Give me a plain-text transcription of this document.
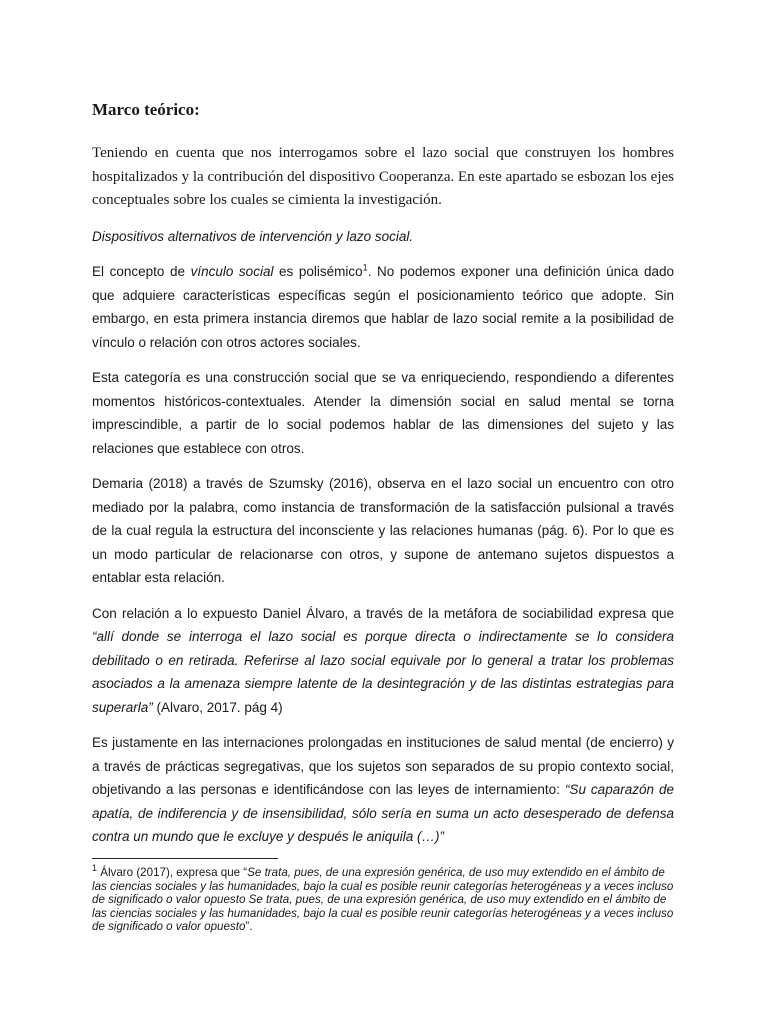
Marco teórico:

Teniendo en cuenta que nos interrogamos sobre el lazo social que construyen los hombres hospitalizados y la contribución del dispositivo Cooperanza. En este apartado se esbozan los ejes conceptuales sobre los cuales se cimienta la investigación.

Dispositivos alternativos de intervención y lazo social.

El concepto de vínculo social es polisémico$^1$. No podemos exponer una definición única dado que adquiere características específicas según el posicionamiento teórico que adopte. Sin embargo, en esta primera instancia diremos que hablar de lazo social remite a la posibilidad de vínculo o relación con otros actores sociales.

Esta categoría es una construcción social que se va enriqueciendo, respondiendo a diferentes momentos históricos-contextuales. Atender la dimensión social en salud mental se torna imprescindible, a partir de lo social podemos hablar de las dimensiones del sujeto y las relaciones que establece con otros.

Demaria (2018) a través de Szumsky (2016), observa en el lazo social un encuentro con otro mediado por la palabra, como instancia de transformación de la satisfacción pulsional a través de la cual regula la estructura del inconsciente y las relaciones humanas (pág. 6). Por lo que es un modo particular de relacionarse con otros, y supone de antemano sujetos dispuestos a entablar esta relación.

Con relación a lo expuesto Daniel Álvaro, a través de la metáfora de sociabilidad expresa que “allí donde se interroga el lazo social es porque directa o indirectamente se lo considera debilitado o en retirada. Referirse al lazo social equivale por lo general a tratar los problemas asociados a la amenaza siempre latente de la desintegración y de las distintas estrategias para superarla” (Alvaro, 2017. pág 4)

Es justamente en las internaciones prolongadas en instituciones de salud mental (de encierro) y a través de prácticas segregativas, que los sujetos son separados de su propio contexto social, objetivando a las personas e identificándose con las leyes de internamiento: “Su caparazón de apatía, de indiferencia y de insensibilidad, sólo sería en suma un acto desesperado de defensa contra un mundo que le excluye y después le aniquila (…)”

$^1$ Álvaro (2017), expresa que “Se trata, pues, de una expresión genérica, de uso muy extendido en el ámbito de las ciencias sociales y las humanidades, bajo la cual es posible reunir categorías heterogéneas y a veces incluso de significado o valor opuesto Se trata, pues, de una expresión genérica, de uso muy extendido en el ámbito de las ciencias sociales y las humanidades, bajo la cual es posible reunir categorías heterogéneas y a veces incluso de significado o valor opuesto”.
